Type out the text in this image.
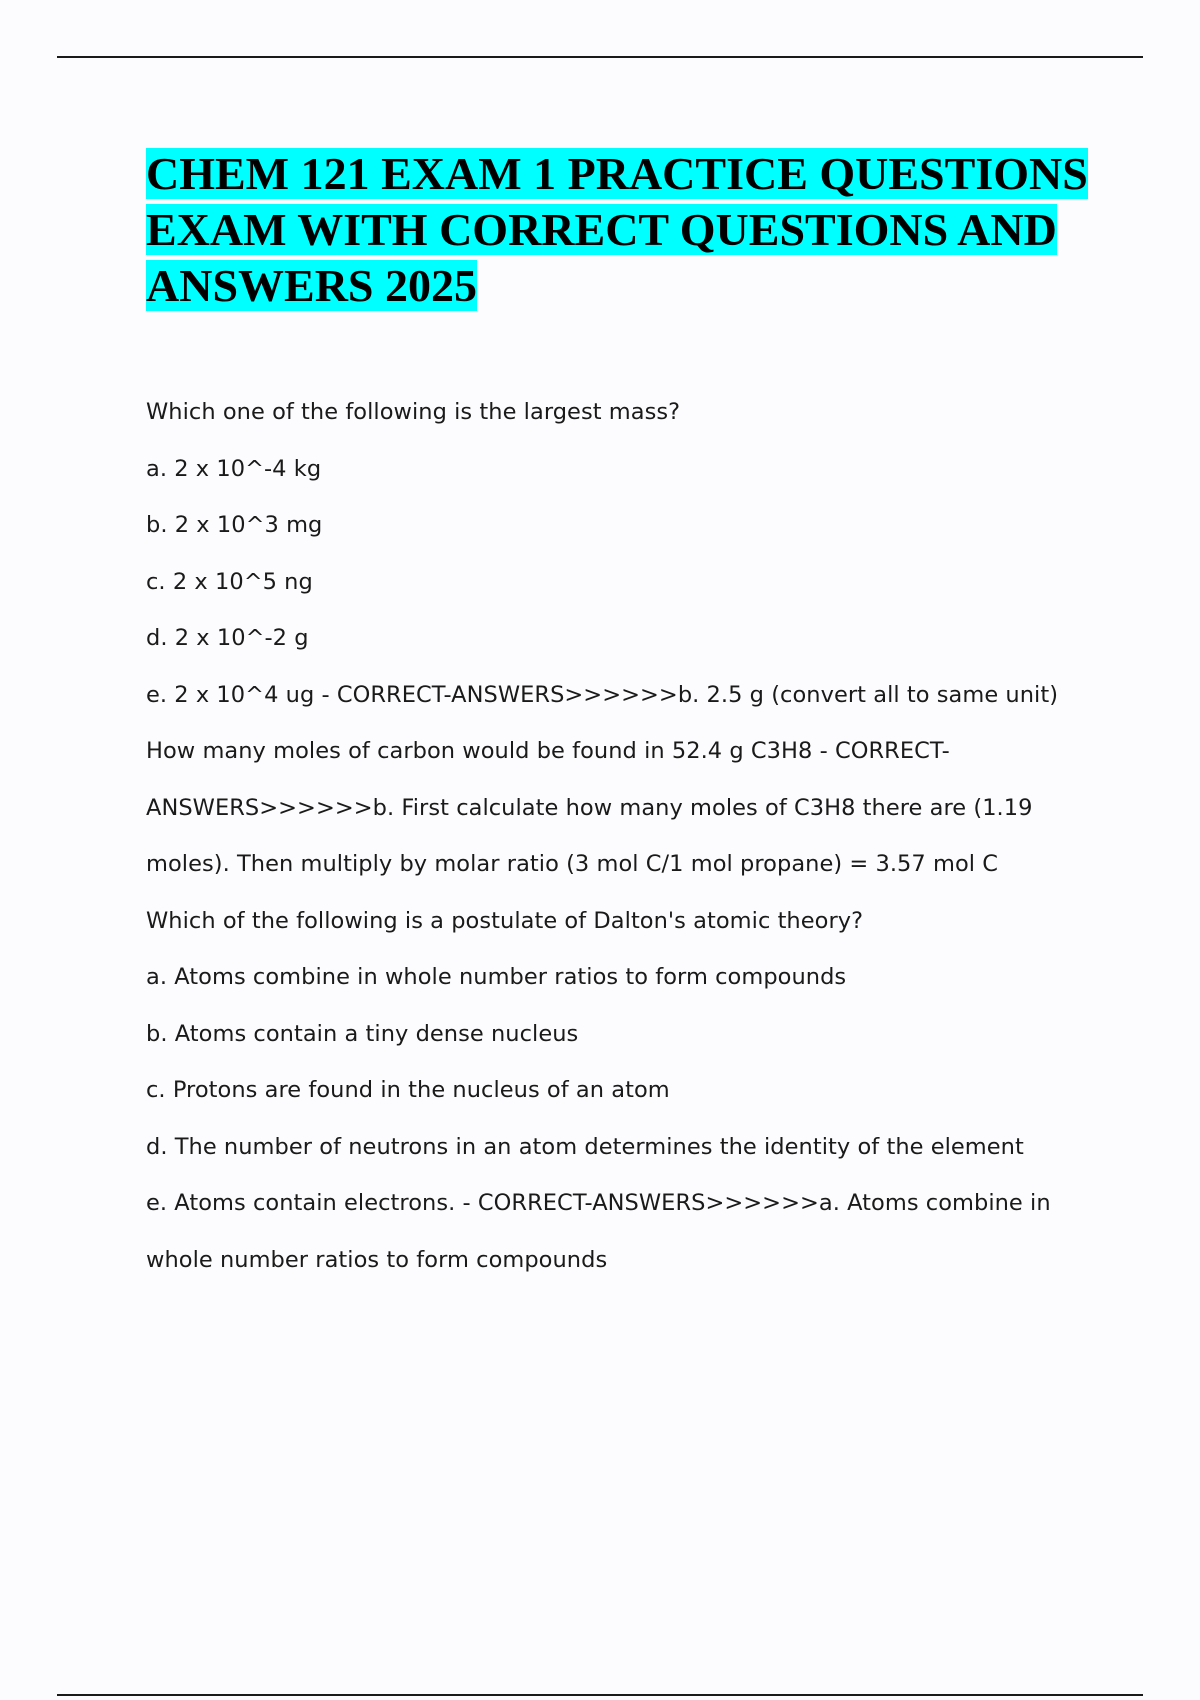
CHEM 121 EXAM 1 PRACTICE QUESTIONS EXAM WITH CORRECT QUESTIONS AND ANSWERS 2025

Which one of the following is the largest mass?

a. 2 x 10^-4 kg

b. 2 x 10^3 mg

c. 2 x 10^5 ng

d. 2 x 10^-2 g

e. 2 x 10^4 ug - CORRECT-ANSWERS>>>>>>b. 2.5 g (convert all to same unit)

How many moles of carbon would be found in 52.4 g C3H8 - CORRECT-ANSWERS>>>>>>b. First calculate how many moles of C3H8 there are (1.19 moles). Then multiply by molar ratio (3 mol C/1 mol propane) = 3.57 mol C

Which of the following is a postulate of Dalton's atomic theory?

a. Atoms combine in whole number ratios to form compounds

b. Atoms contain a tiny dense nucleus

c. Protons are found in the nucleus of an atom

d. The number of neutrons in an atom determines the identity of the element

e. Atoms contain electrons. - CORRECT-ANSWERS>>>>>>a. Atoms combine in whole number ratios to form compounds
